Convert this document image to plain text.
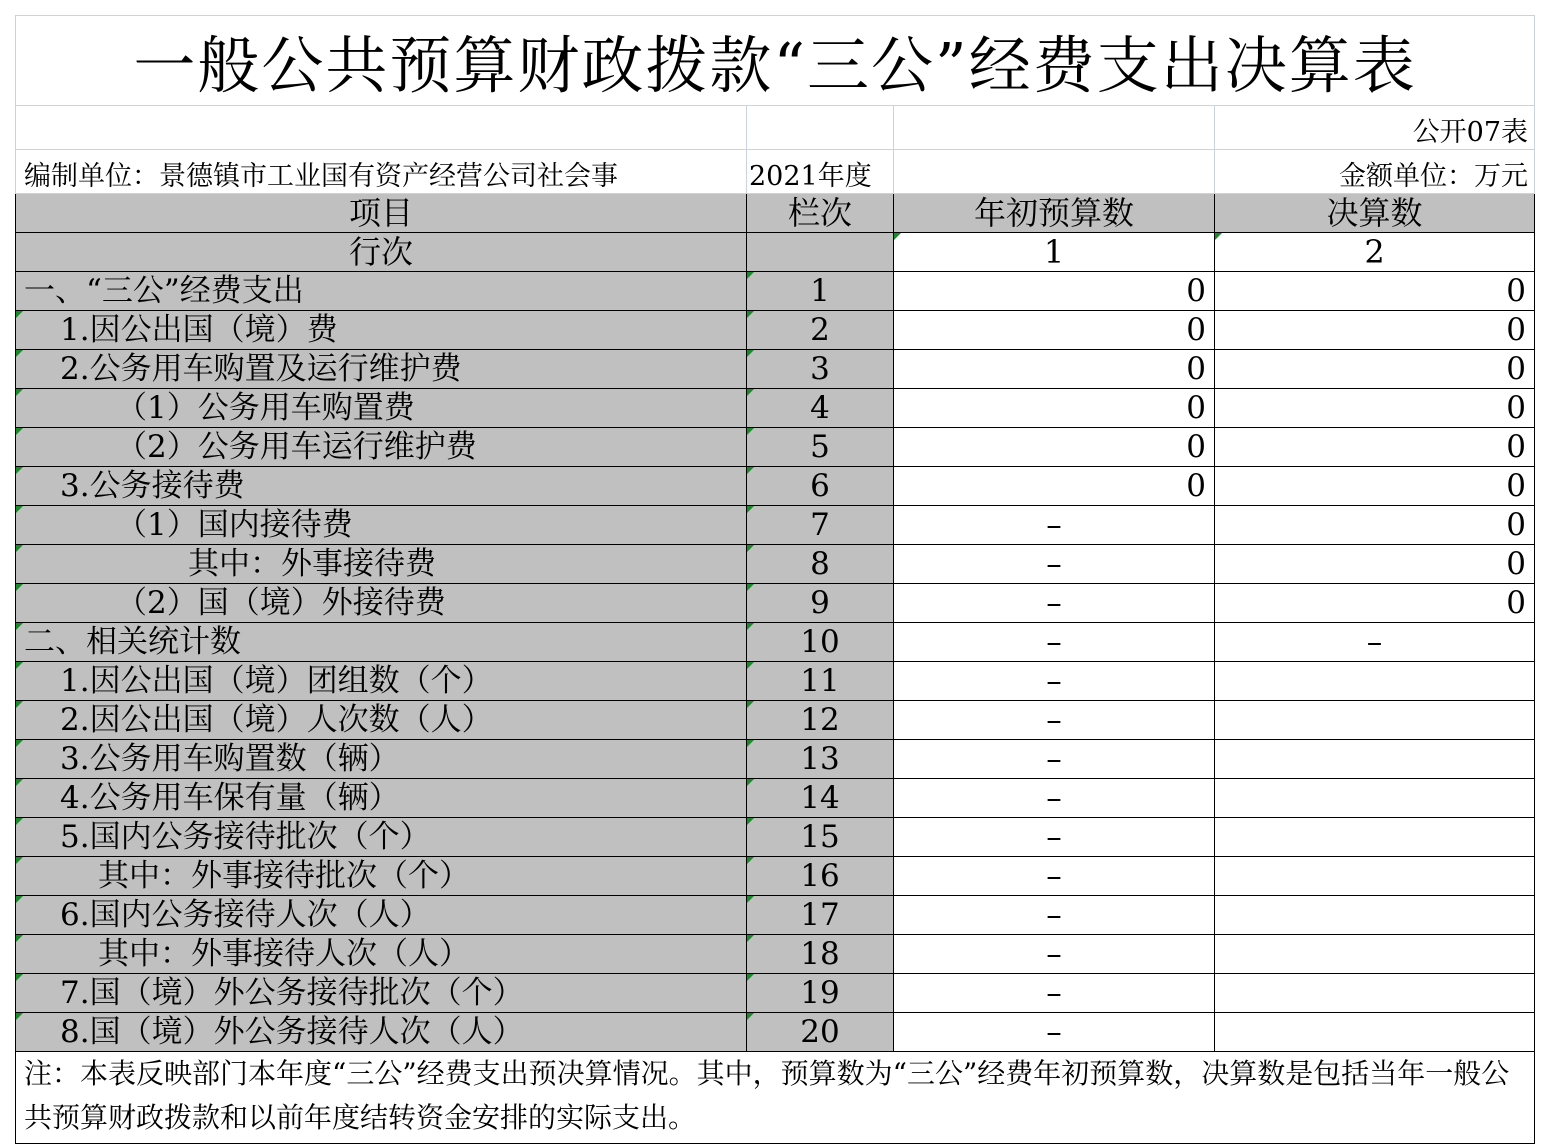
一般公共预算财政拨款“三公”经费支出决算表			
			公开07表
编制单位：景德镇市工业国有资产经营公司社会事	2021年度		金额单位：万元
项目	栏次	年初预算数	决算数
行次		1	2
一、“三公”经费支出	1	0	0
1.因公出国（境）费	2	0	0
2.公务用车购置及运行维护费	3	0	0
（1）公务用车购置费	4	0	0
（2）公务用车运行维护费	5	0	0
3.公务接待费	6	0	0
（1）国内接待费	7	–	0
其中：外事接待费	8	–	0
（2）国（境）外接待费	9	–	0
二、相关统计数	10	–	–
1.因公出国（境）团组数（个）	11	–	
2.因公出国（境）人次数（人）	12	–	
3.公务用车购置数（辆）	13	–	
4.公务用车保有量（辆）	14	–	
5.国内公务接待批次（个）	15	–	
其中：外事接待批次（个）	16	–	
6.国内公务接待人次（人）	17	–	
其中：外事接待人次（人）	18	–	
7.国（境）外公务接待批次（个）	19	–	
8.国（境）外公务接待人次（人）	20	–	
注：本表反映部门本年度“三公”经费支出预决算情况。其中，预算数为“三公”经费年初预算数，决算数是包括当年一般公共预算财政拨款和以前年度结转资金安排的实际支出。			
